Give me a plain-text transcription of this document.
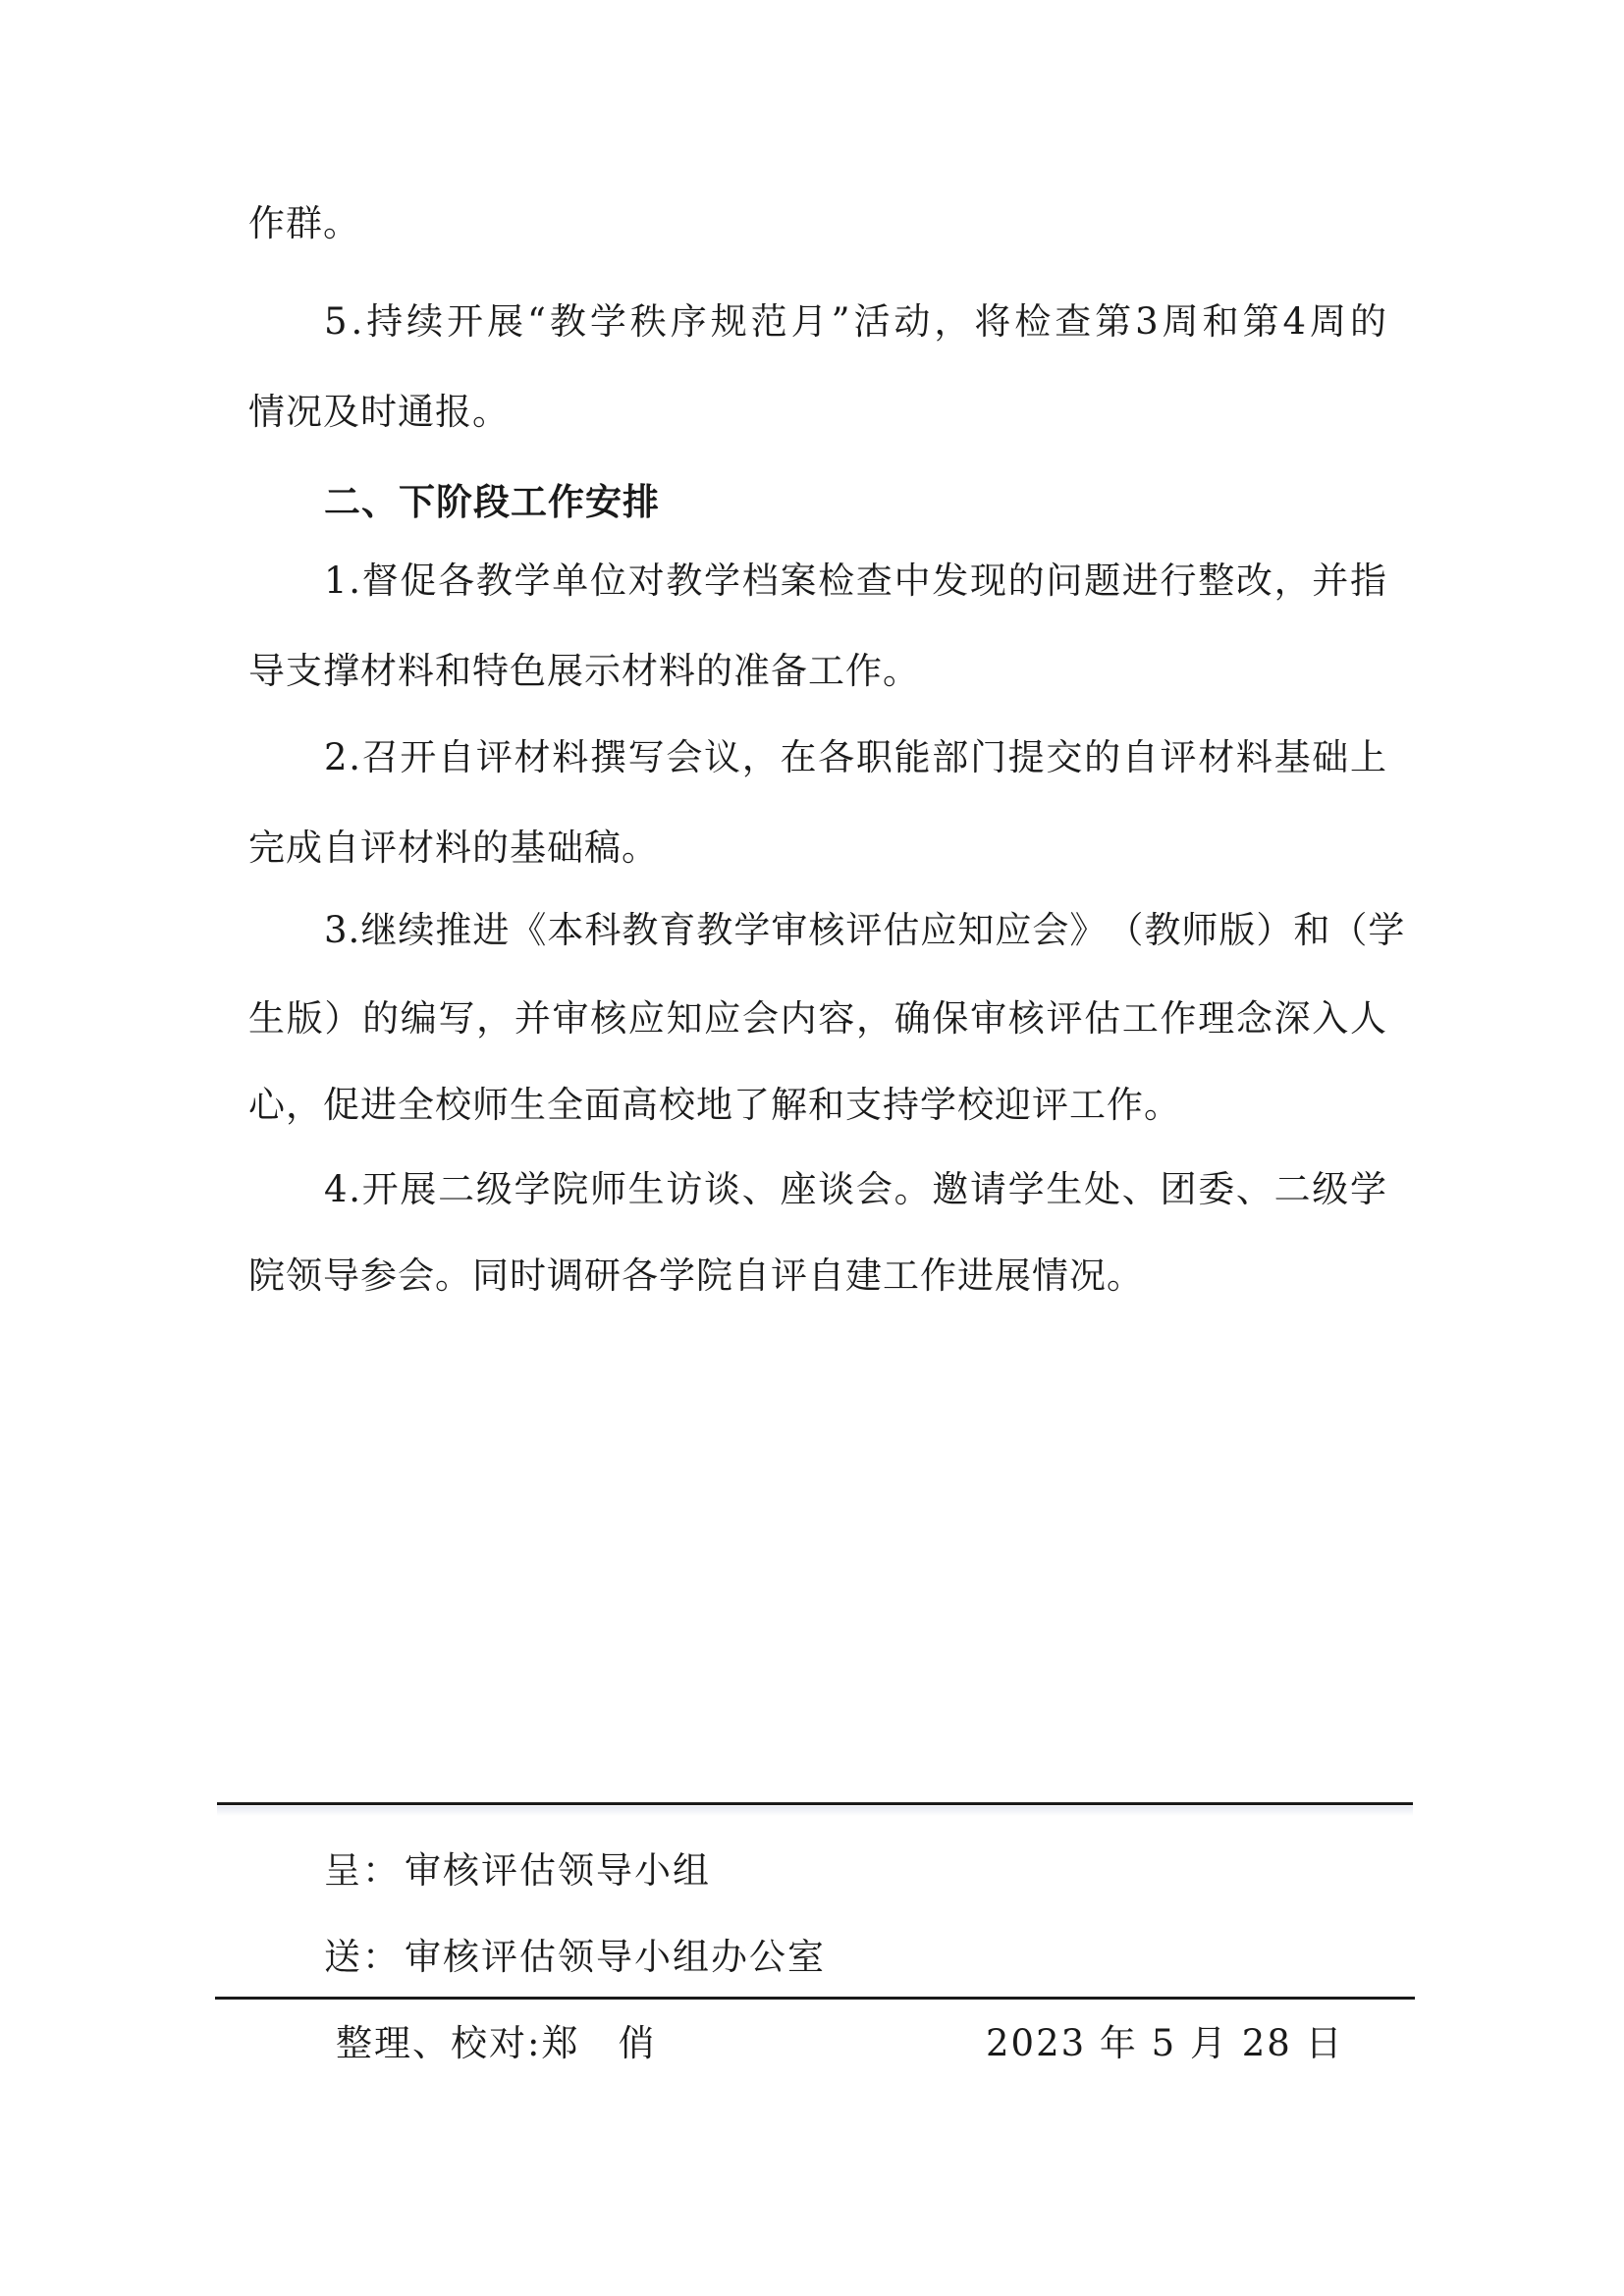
作群。
5 . 持 续 开 展 “ 教 学 秩 序 规 范 月 ” 活 动 ， 将 检 查 第 3 周 和 第 4 周 的
情况及时通报。
二、下阶段工作安排
1 . 督 促 各 教 学 单 位 对 教 学 档 案 检 查 中 发 现 的 问 题 进 行 整 改 ， 并 指
导支撑材料和特色展示材料的准备工作。
2 . 召 开 自 评 材 料 撰 写 会 议 ， 在 各 职 能 部 门 提 交 的 自 评 材 料 基 础 上
完成自评材料的基础稿。
3 . 继 续 推 进 《 本 科 教 育 教 学 审 核 评 估 应 知 应 会 》 （ 教 师 版 ） 和 （ 学
生 版 ） 的 编 写 ， 并 审 核 应 知 应 会 内 容 ， 确 保 审 核 评 估 工 作 理 念 深 入 人
心，促进全校师生全面高校地了解和支持学校迎评工作。
4 . 开 展 二 级 学 院 师 生 访 谈 、 座 谈 会 。 邀 请 学 生 处 、 团 委 、 二 级 学
院领导参会。同时调研各学院自评自建工作进展情况。
呈： 审核评估领导小组
送： 审核评估领导小组办公室
整理、校对:郑　俏	2023 年 5 月 28 日
